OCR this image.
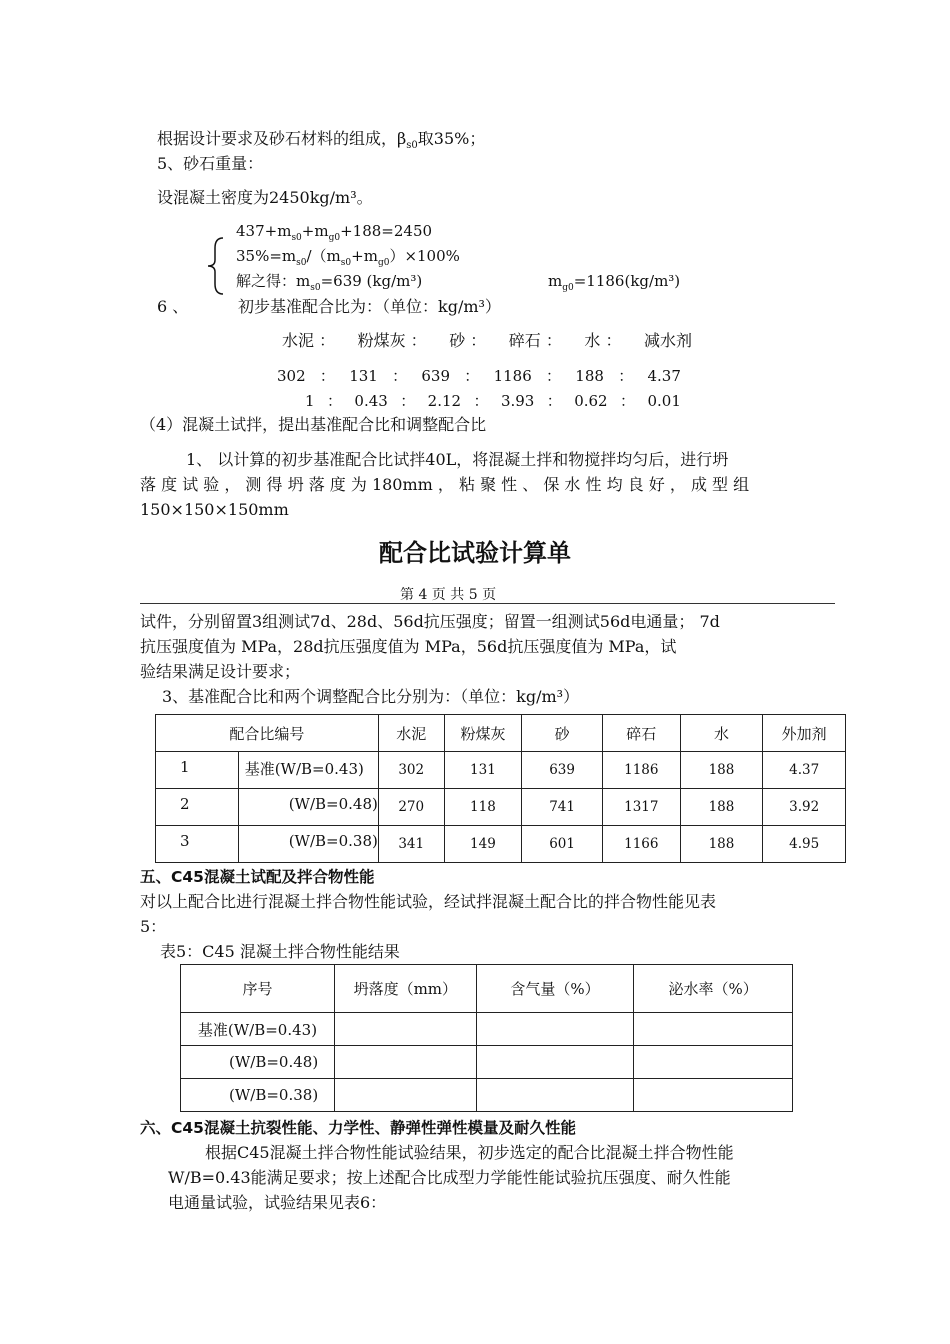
根据设计要求及砂石材料的组成，$\beta_{s0}$取35%；
5、砂石重量：
设混凝土密度为2450kg/m³。
$437+m_{s0}+m_{g0}+188=2450$
$35\%=m_{s0}/(m_{s0}+m_{g0})\times 100\%$
解之得：$m_{s0}=639$ (kg/m³)	$m_{g0}=1186(kg/m^3)$
6 、	初步基准配合比为：（单位：kg/m³）
水泥 ： 粉煤灰 ： 砂 ： 碎石 ： 水 ： 减水剂
302 ： 131 ： 639 ： 1186 ： 188 ： 4.37
1 ： 0.43 ： 2.12 ： 3.93 ： 0.62 ： 0.01
（4）混凝土试拌，提出基准配合比和调整配合比
1、 以计算的初步基准配合比试拌40L，将混凝土拌和物搅拌均匀后，进行坍
落 度 试 验 ， 测 得 坍 落 度 为 180mm ， 粘 聚 性 、 保 水 性 均 良 好 ， 成 型 组
150×150×150mm
配合比试验计算单
第 4 页 共 5 页
试件，分别留置3组测试7d、28d、56d抗压强度；留置一组测试56d电通量； 7d
抗压强度值为 MPa，28d抗压强度值为 MPa，56d抗压强度值为 MPa，试
验结果满足设计要求；
3、基准配合比和两个调整配合比分别为：（单位：kg/m³）
配合比编号		水泥	粉煤灰	砂	碎石	水	外加剂
1	基准(W/B=0.43)	302	131	639	1186	188	4.37
2	(W/B=0.48)	270	118	741	1317	188	3.92
3	(W/B=0.38)	341	149	601	1166	188	4.95
五、C45混凝土试配及拌合物性能
对以上配合比进行混凝土拌合物性能试验，经试拌混凝土配合比的拌合物性能见表
5：
表5：C45 混凝土拌合物性能结果
序号	坍落度（mm）	含气量（%）	泌水率（%）
基准(W/B=0.43)			
(W/B=0.48)			
(W/B=0.38)			
六、C45混凝土抗裂性能、力学性、静弹性弹性模量及耐久性能
根据C45混凝土拌合物性能试验结果，初步选定的配合比混凝土拌合物性能
W/B=0.43能满足要求；按上述配合比成型力学能性能试验抗压强度、耐久性能
电通量试验，试验结果见表6：
